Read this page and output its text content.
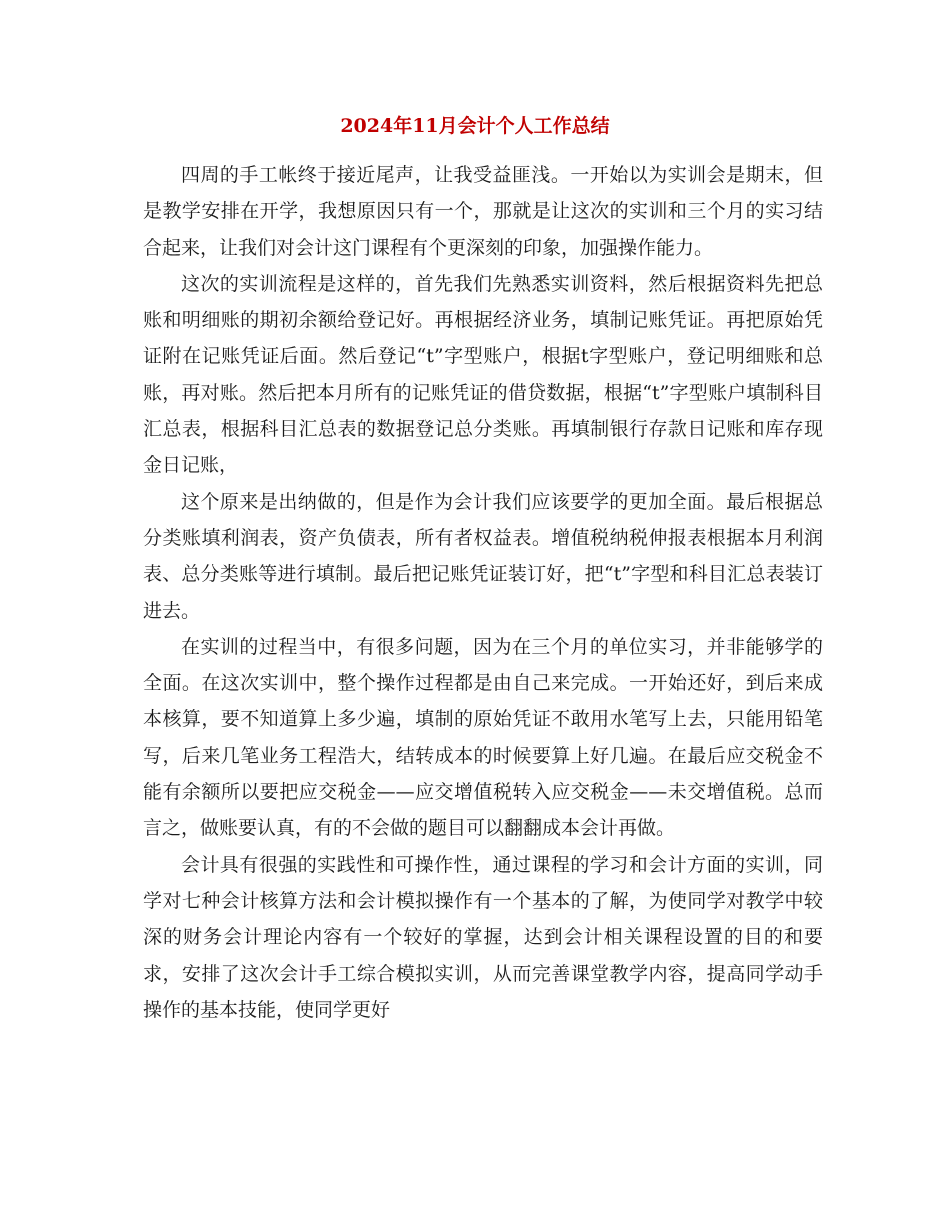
2024年11月会计个人工作总结

四周的手工帐终于接近尾声，让我受益匪浅。一开始以为实训会是期末，但是教学安排在开学，我想原因只有一个，那就是让这次的实训和三个月的实习结合起来，让我们对会计这门课程有个更深刻的印象，加强操作能力。

这次的实训流程是这样的，首先我们先熟悉实训资料，然后根据资料先把总账和明细账的期初余额给登记好。再根据经济业务，填制记账凭证。再把原始凭证附在记账凭证后面。然后登记“t”字型账户，根据t字型账户，登记明细账和总账，再对账。然后把本月所有的记账凭证的借贷数据，根据“t”字型账户填制科目汇总表，根据科目汇总表的数据登记总分类账。再填制银行存款日记账和库存现金日记账，

这个原来是出纳做的，但是作为会计我们应该要学的更加全面。最后根据总分类账填利润表，资产负债表，所有者权益表。增值税纳税伸报表根据本月利润表、总分类账等进行填制。最后把记账凭证装订好，把“t”字型和科目汇总表装订进去。

在实训的过程当中，有很多问题，因为在三个月的单位实习，并非能够学的全面。在这次实训中，整个操作过程都是由自己来完成。一开始还好，到后来成本核算，要不知道算上多少遍，填制的原始凭证不敢用水笔写上去，只能用铅笔写，后来几笔业务工程浩大，结转成本的时候要算上好几遍。在最后应交税金不能有余额所以要把应交税金——应交增值税转入应交税金——未交增值税。总而言之，做账要认真，有的不会做的题目可以翻翻成本会计再做。

会计具有很强的实践性和可操作性，通过课程的学习和会计方面的实训，同学对七种会计核算方法和会计模拟操作有一个基本的了解，为使同学对教学中较深的财务会计理论内容有一个较好的掌握，达到会计相关课程设置的目的和要求，安排了这次会计手工综合模拟实训，从而完善课堂教学内容，提高同学动手操作的基本技能，使同学更好
